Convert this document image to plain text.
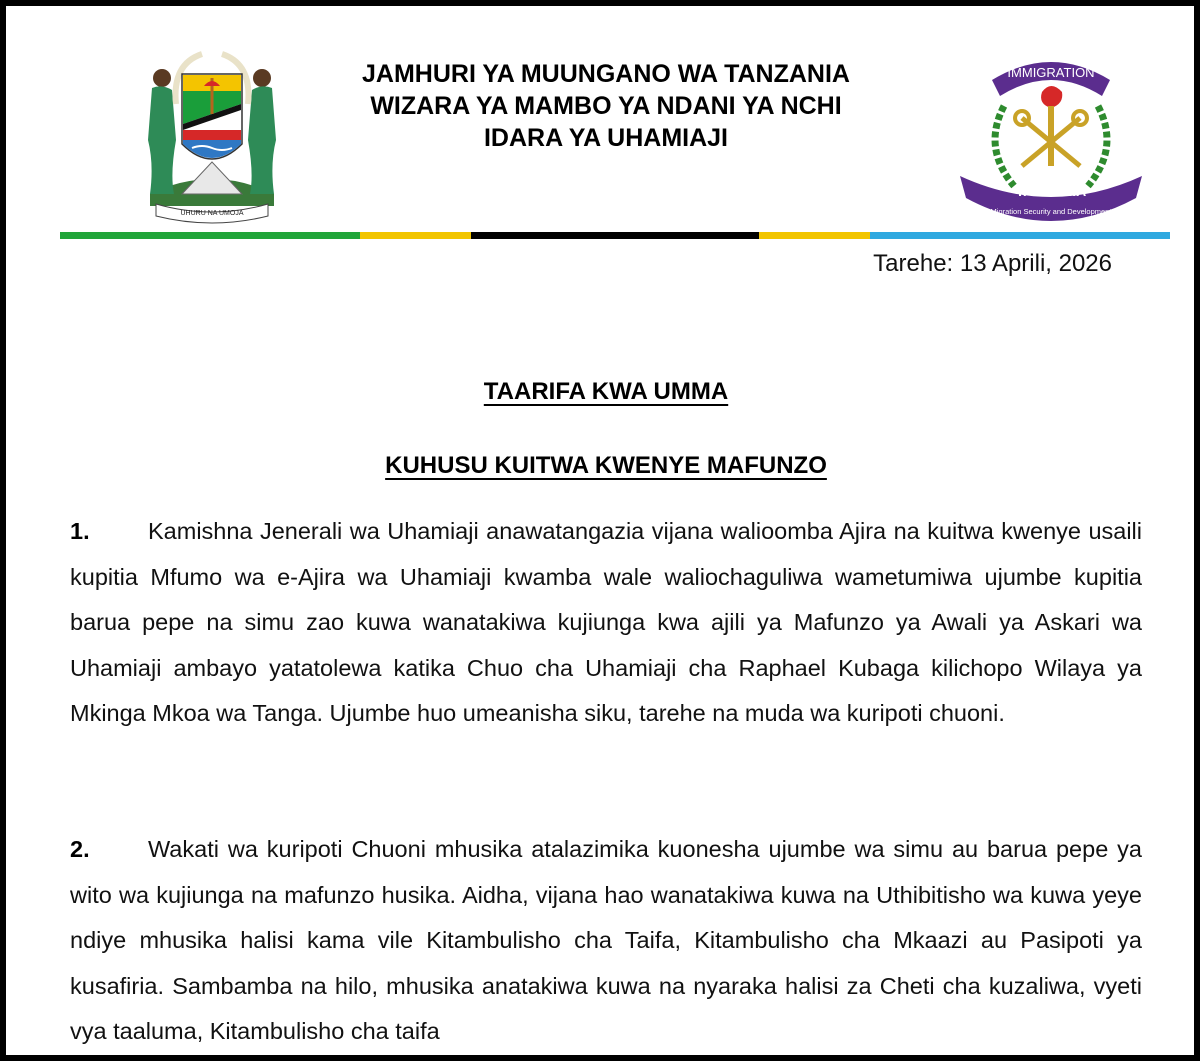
UHURU NA UMOJA
JAMHURI YA MUUNGANO WA TANZANIA
WIZARA YA MAMBO YA NDANI YA NCHI
IDARA YA UHAMIAJI
IMMIGRATION
TANZANIA
Migration Security and Development
Tarehe: 13 Aprili, 2026
TAARIFA KWA UMMA
KUHUSU KUITWA KWENYE MAFUNZO
1. Kamishna Jenerali wa Uhamiaji anawatangazia vijana walioomba Ajira na kuitwa kwenye usaili kupitia Mfumo wa e-Ajira wa Uhamiaji kwamba wale waliochaguliwa wametumiwa ujumbe kupitia barua pepe na simu zao kuwa wanatakiwa kujiunga kwa ajili ya Mafunzo ya Awali ya Askari wa Uhamiaji ambayo yatatolewa katika Chuo cha Uhamiaji cha Raphael Kubaga kilichopo Wilaya ya Mkinga Mkoa wa Tanga. Ujumbe huo umeanisha siku, tarehe na muda wa kuripoti chuoni.
2. Wakati wa kuripoti Chuoni mhusika atalazimika kuonesha ujumbe wa simu au barua pepe ya wito wa kujiunga na mafunzo husika. Aidha, vijana hao wanatakiwa kuwa na Uthibitisho wa kuwa yeye ndiye mhusika halisi kama vile Kitambulisho cha Taifa, Kitambulisho cha Mkaazi au Pasipoti ya kusafiria. Sambamba na hilo, mhusika anatakiwa kuwa na nyaraka halisi za Cheti cha kuzaliwa, vyeti vya taaluma, Kitambulisho cha taifa
